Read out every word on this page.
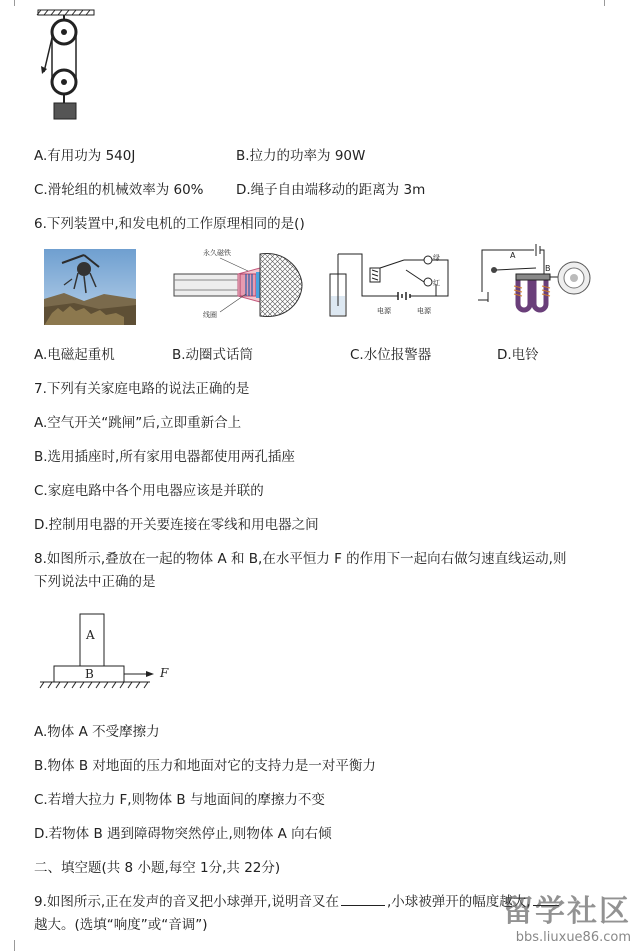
A.有用功为 540J	B.拉力的功率为 90W
C.滑轮组的机械效率为 60% D.绳子自由端移动的距离为 3m
6.下列装置中,和发电机的工作原理相同的是()
永久磁铁
线圈
绿
红
电源	电源
A
B
A.电磁起重机	B.动圈式话筒	C.水位报警器	D.电铃
7.下列有关家庭电路的说法正确的是
A.空气开关“跳闸”后,立即重新合上
B.选用插座时,所有家用电器都使用两孔插座
C.家庭电路中各个用电器应该是并联的
D.控制用电器的开关要连接在零线和用电器之间
8.如图所示,叠放在一起的物体 A 和 B,在水平恒力 F 的作用下一起向右做匀速直线运动,则
下列说法中正确的是
A
B	F
A.物体 A 不受摩擦力
B.物体 B 对地面的压力和地面对它的支持力是一对平衡力
C.若增大拉力 F,则物体 B 与地面间的摩擦力不变
D.若物体 B 遇到障碍物突然停止,则物体 A 向右倾
二、填空题(共 8 小题,每空 1分,共 22分)
9.如图所示,正在发声的音叉把小球弹开,说明音叉在	,小球被弹开的幅度越大,
越大。(选填“响度”或“音调”)	留学社区
bbs.liuxue86.com
